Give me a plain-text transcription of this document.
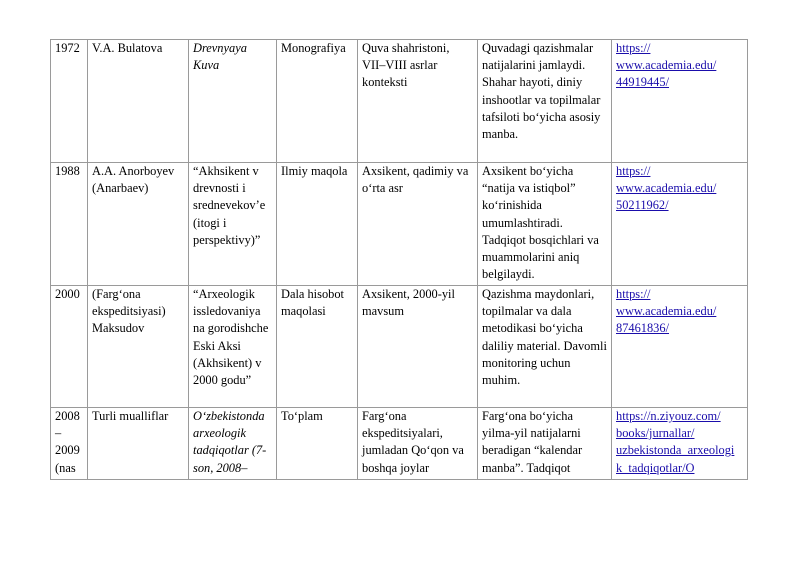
1972	V.A. Bulatova	Drevnyaya Kuva	Monografiya	Quva shahristoni, VII–VIII asrlar konteksti	Quvadagi qazishmalar natijalarini jamlaydi. Shahar hayoti, diniy inshootlar va topilmalar tafsiloti bo‘yicha asosiy manba.	https:// www.academia.edu/ 44919445/
1988	A.A. Anorboyev (Anarbaev)	“Akhsikent v drevnosti i srednevekov’e (itogi i perspektivy)”	Ilmiy maqola	Axsikent, qadimiy va o‘rta asr	Axsikent bo‘yicha “natija va istiqbol” ko‘rinishida umumlashtiradi. Tadqiqot bosqichlari va muammolarini aniq belgilaydi.	https:// www.academia.edu/ 50211962/
2000	(Farg‘ona ekspeditsiyasi) Maksudov	“Arxeologik issledovaniya na gorodishche Eski Aksi (Akhsikent) v 2000 godu”	Dala hisobot maqolasi	Axsikent, 2000-yil mavsum	Qazishma maydonlari, topilmalar va dala metodikasi bo‘yicha daliliy material. Davomli monitoring uchun muhim.	https:// www.academia.edu/ 87461836/
2008 – 2009 (nas	Turli mualliflar	O‘zbekistonda arxeologik tadqiqotlar (7-son, 2008–	To‘plam	Farg‘ona ekspeditsiyalari, jumladan Qo‘qon va boshqa joylar	Farg‘ona bo‘yicha yilma-yil natijalarni beradigan “kalendar manba”. Tadqiqot	https://n.ziyouz.com/ books/jurnallar/ uzbekistonda_arxeologi k_tadqiqotlar/O
